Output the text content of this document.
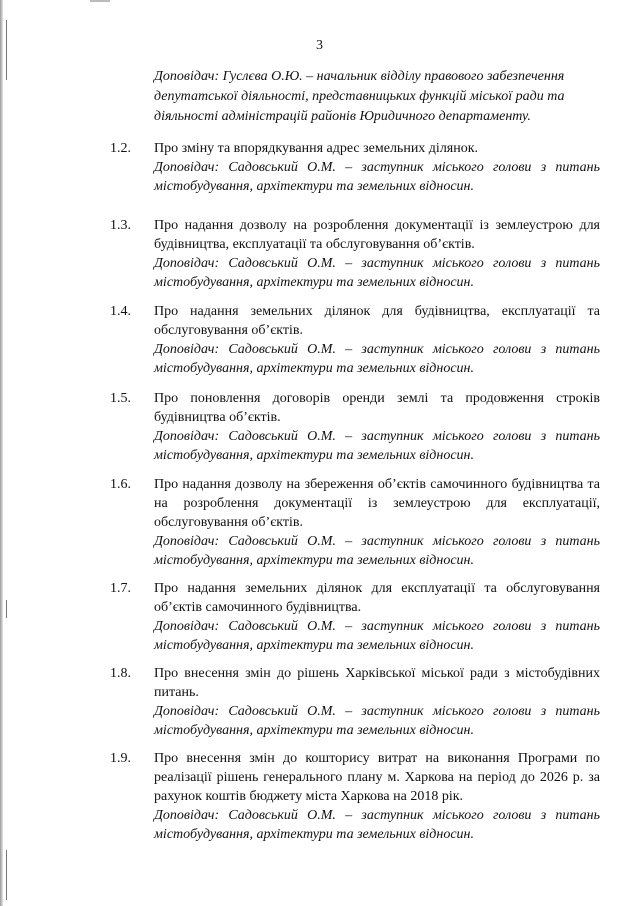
3
Доповідач: Гуслєва О.Ю. – начальник відділу правового забезпечення депутатської діяльності, представницьких функцій міської ради та діяльності адміністрацій районів Юридичного департаменту.
1.2. Про зміну та впорядкування адрес земельних ділянок.
Доповідач: Садовський О.М. – заступник міського голови з питань містобудування, архітектури та земельних відносин.
1.3. Про надання дозволу на розроблення документації із землеустрою для будівництва, експлуатації та обслуговування об’єктів.
Доповідач: Садовський О.М. – заступник міського голови з питань містобудування, архітектури та земельних відносин.
1.4. Про надання земельних ділянок для будівництва, експлуатації та обслуговування об’єктів.
Доповідач: Садовський О.М. – заступник міського голови з питань містобудування, архітектури та земельних відносин.
1.5. Про поновлення договорів оренди землі та продовження строків будівництва об’єктів.
Доповідач: Садовський О.М. – заступник міського голови з питань містобудування, архітектури та земельних відносин.
1.6. Про надання дозволу на збереження об’єктів самочинного будівництва та на розроблення документації із землеустрою для експлуатації, обслуговування об’єктів.
Доповідач: Садовський О.М. – заступник міського голови з питань містобудування, архітектури та земельних відносин.
1.7. Про надання земельних ділянок для експлуатації та обслуговування об’єктів самочинного будівництва.
Доповідач: Садовський О.М. – заступник міського голови з питань містобудування, архітектури та земельних відносин.
1.8. Про внесення змін до рішень Харківської міської ради з містобудівних питань.
Доповідач: Садовський О.М. – заступник міського голови з питань містобудування, архітектури та земельних відносин.
1.9. Про внесення змін до кошторису витрат на виконання Програми по реалізації рішень генерального плану м. Харкова на період до 2026 р. за рахунок коштів бюджету міста Харкова на 2018 рік.
Доповідач: Садовський О.М. – заступник міського голови з питань містобудування, архітектури та земельних відносин.
